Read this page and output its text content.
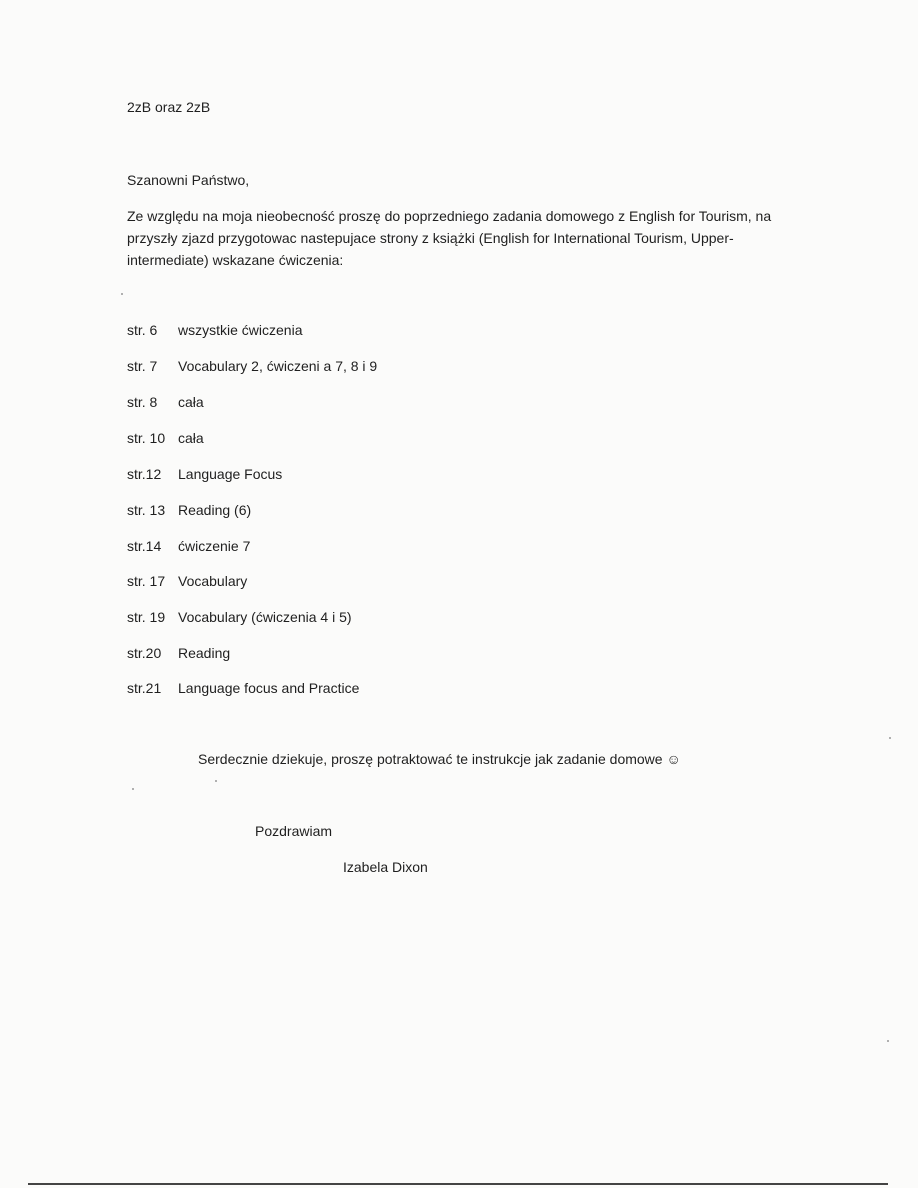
2zB oraz 2zB
Szanowni Państwo,
Ze względu na moja nieobecność proszę do poprzedniego zadania domowego z English for Tourism, na przyszły zjazd przygotowac nastepujace strony z książki (English for International Tourism, Upper-intermediate) wskazane ćwiczenia:
str. 6 wszystkie ćwiczenia
str. 7 Vocabulary 2, ćwiczeni a 7, 8 i 9
str. 8 cała
str. 10 cała
str.12 Language Focus
str. 13 Reading (6)
str.14 ćwiczenie 7
str. 17 Vocabulary
str. 19 Vocabulary (ćwiczenia 4 i 5)
str.20 Reading
str.21 Language focus and Practice
Serdecznie dziekuje, proszę potraktować te instrukcje jak zadanie domowe ☺
Pozdrawiam
Izabela Dixon
